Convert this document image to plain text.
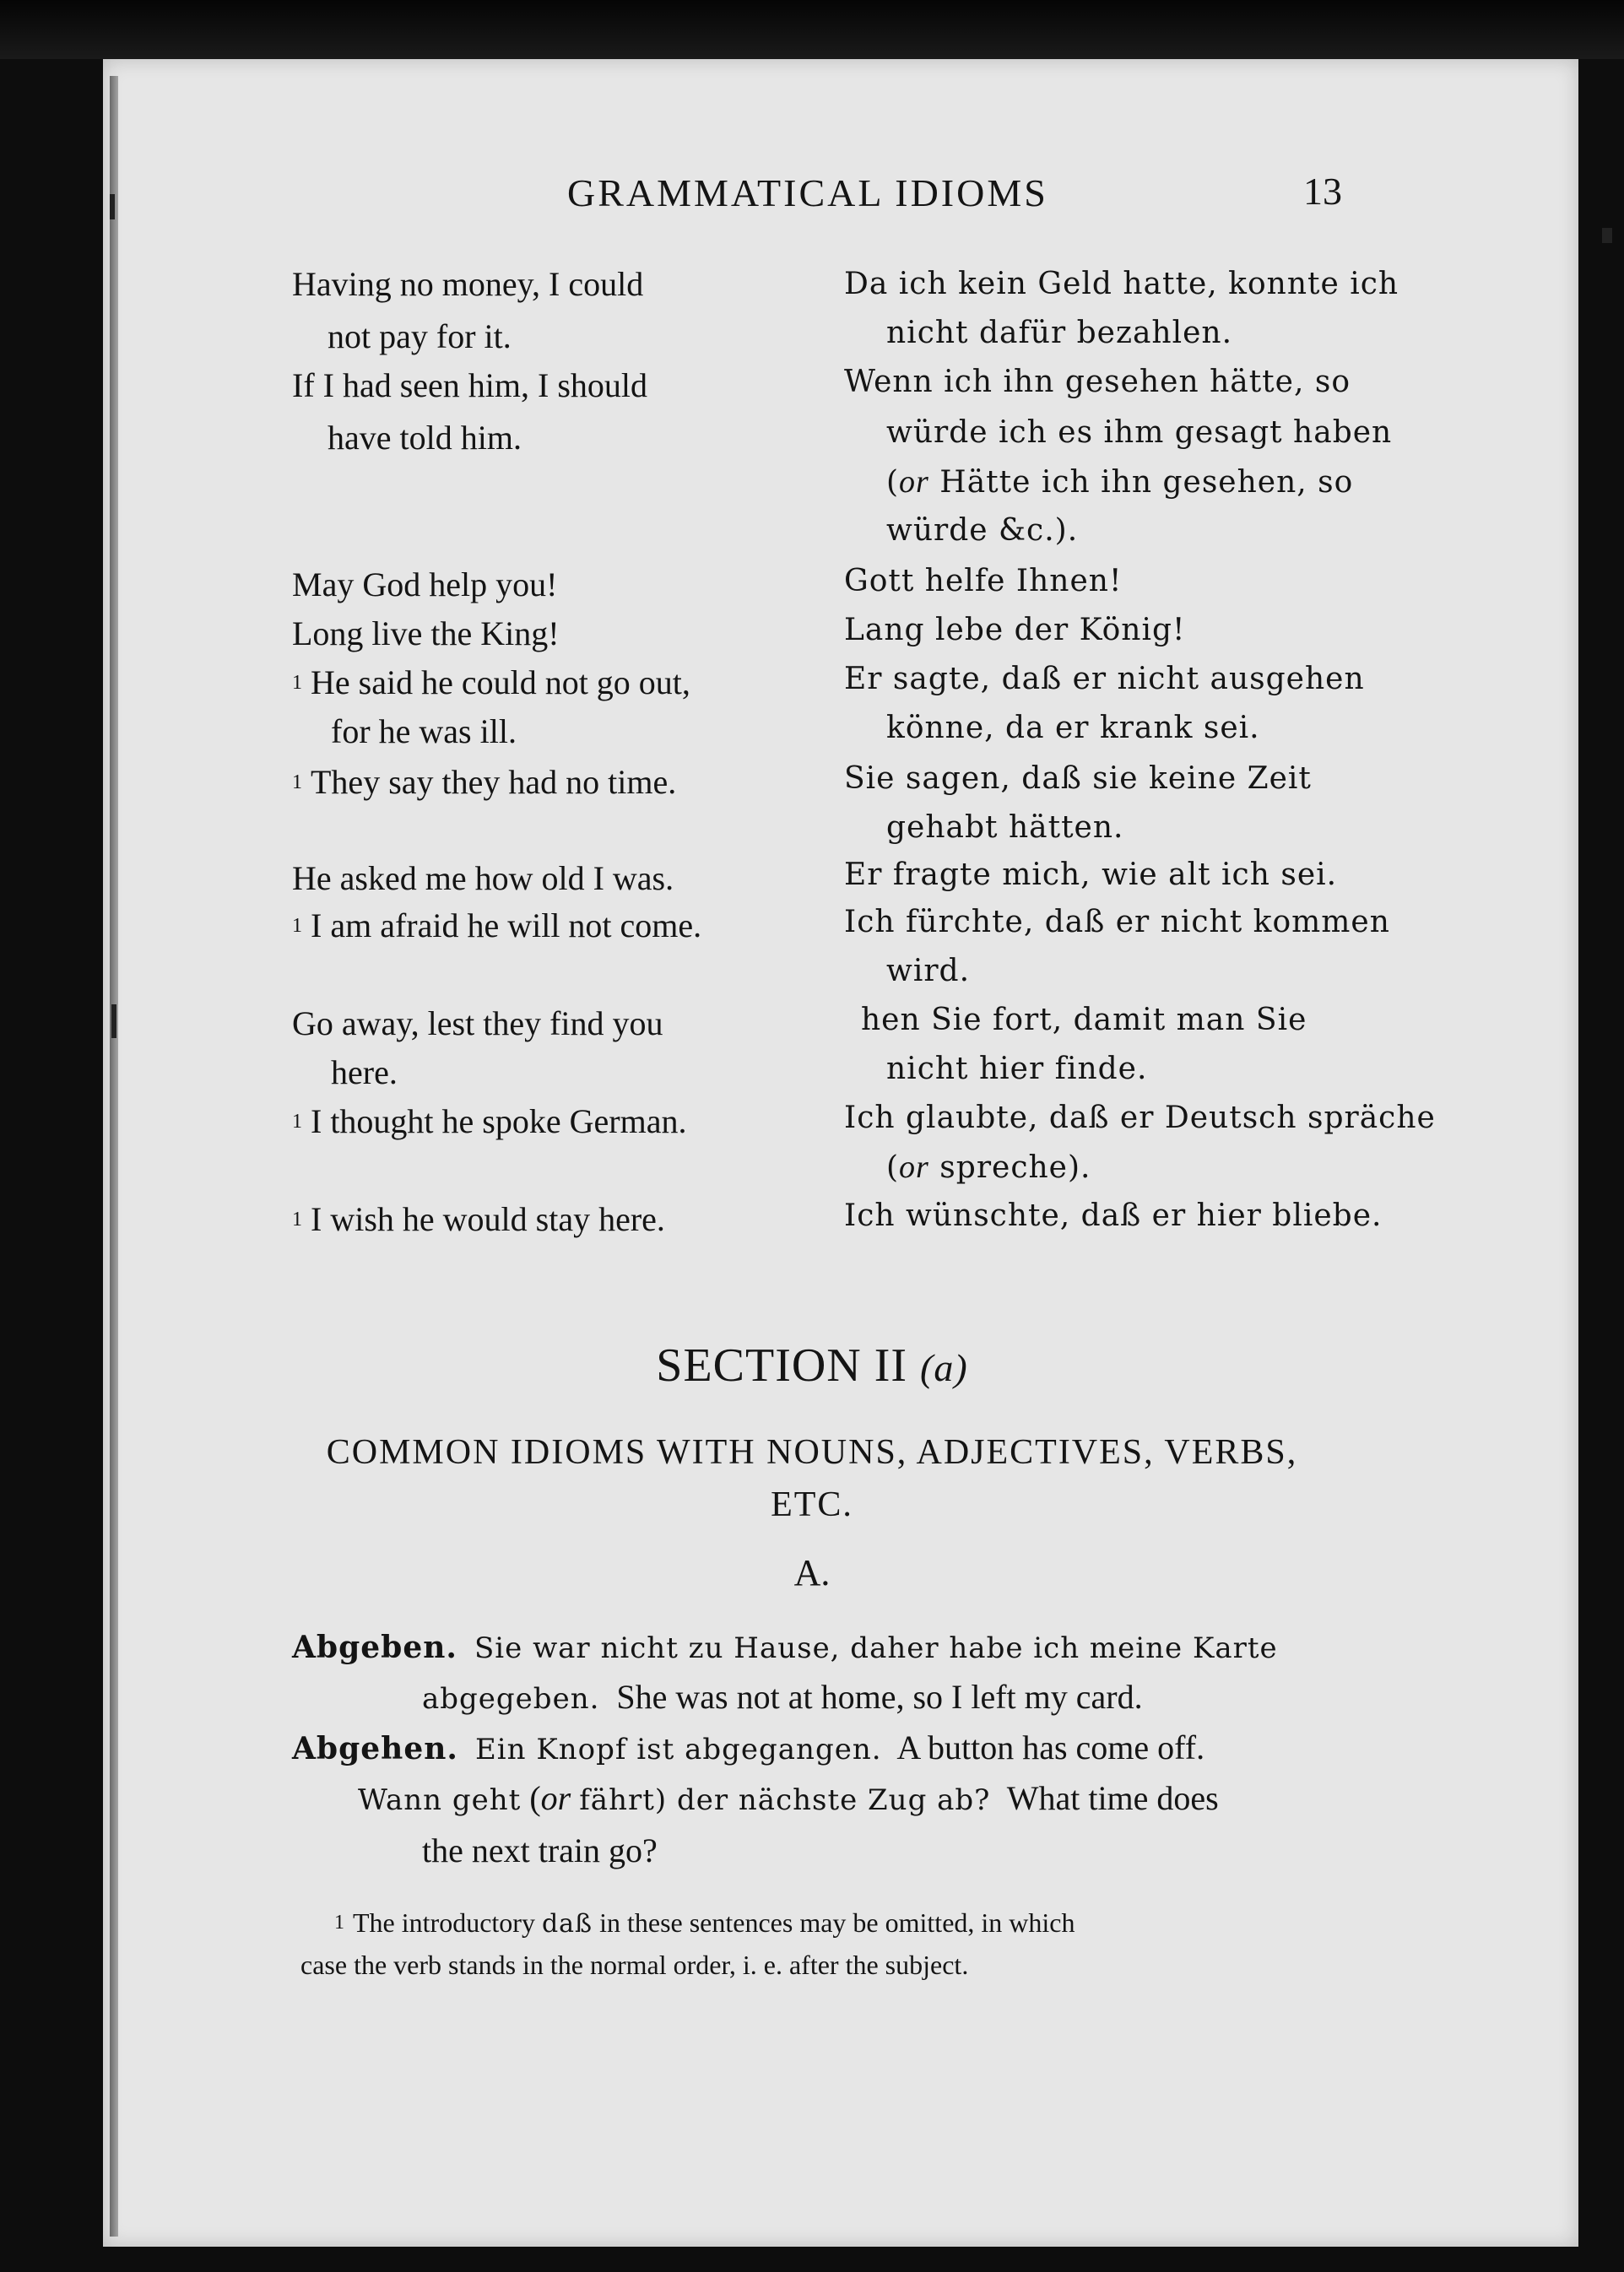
GRAMMATICAL IDIOMS	13
Having no money, I could
not pay for it.
If I had seen him, I should
have told him.
May God help you!
Long live the King!
$^1$ He said he could not go out,
for he was ill.
$^1$ They say they had no time.
He asked me how old I was.
$^1$ I am afraid he will not come.
Go away, lest they find you
here.
$^1$ I thought he spoke German.
$^1$ I wish he would stay here.
Da ich kein Geld hatte, konnte ich
nicht dafür bezahlen.
Wenn ich ihn gesehen hätte, so
würde ich es ihm gesagt haben
(or Hätte ich ihn gesehen, so
würde &c.).
Gott helfe Ihnen!
Lang lebe der König!
Er sagte, daß er nicht ausgehen
könne, da er krank sei.
Sie sagen, daß sie keine Zeit
gehabt hätten.
Er fragte mich, wie alt ich sei.
Ich fürchte, daß er nicht kommen
wird.
hen Sie fort, damit man Sie
nicht hier finde.
Ich glaubte, daß er Deutsch spräche
(or spreche).
Ich wünschte, daß er hier bliebe.
SECTION II (a)
COMMON IDIOMS WITH NOUNS, ADJECTIVES, VERBS, ETC.
A.
Abgeben. Sie war nicht zu Hause, daher habe ich meine Karte
abgegeben. She was not at home, so I left my card.
Abgehen. Ein Knopf ist abgegangen. A button has come off.
Wann geht (or fährt) der nächste Zug ab? What time does
the next train go?
$^1$ The introductory daß in these sentences may be omitted, in which
case the verb stands in the normal order, i. e. after the subject.
